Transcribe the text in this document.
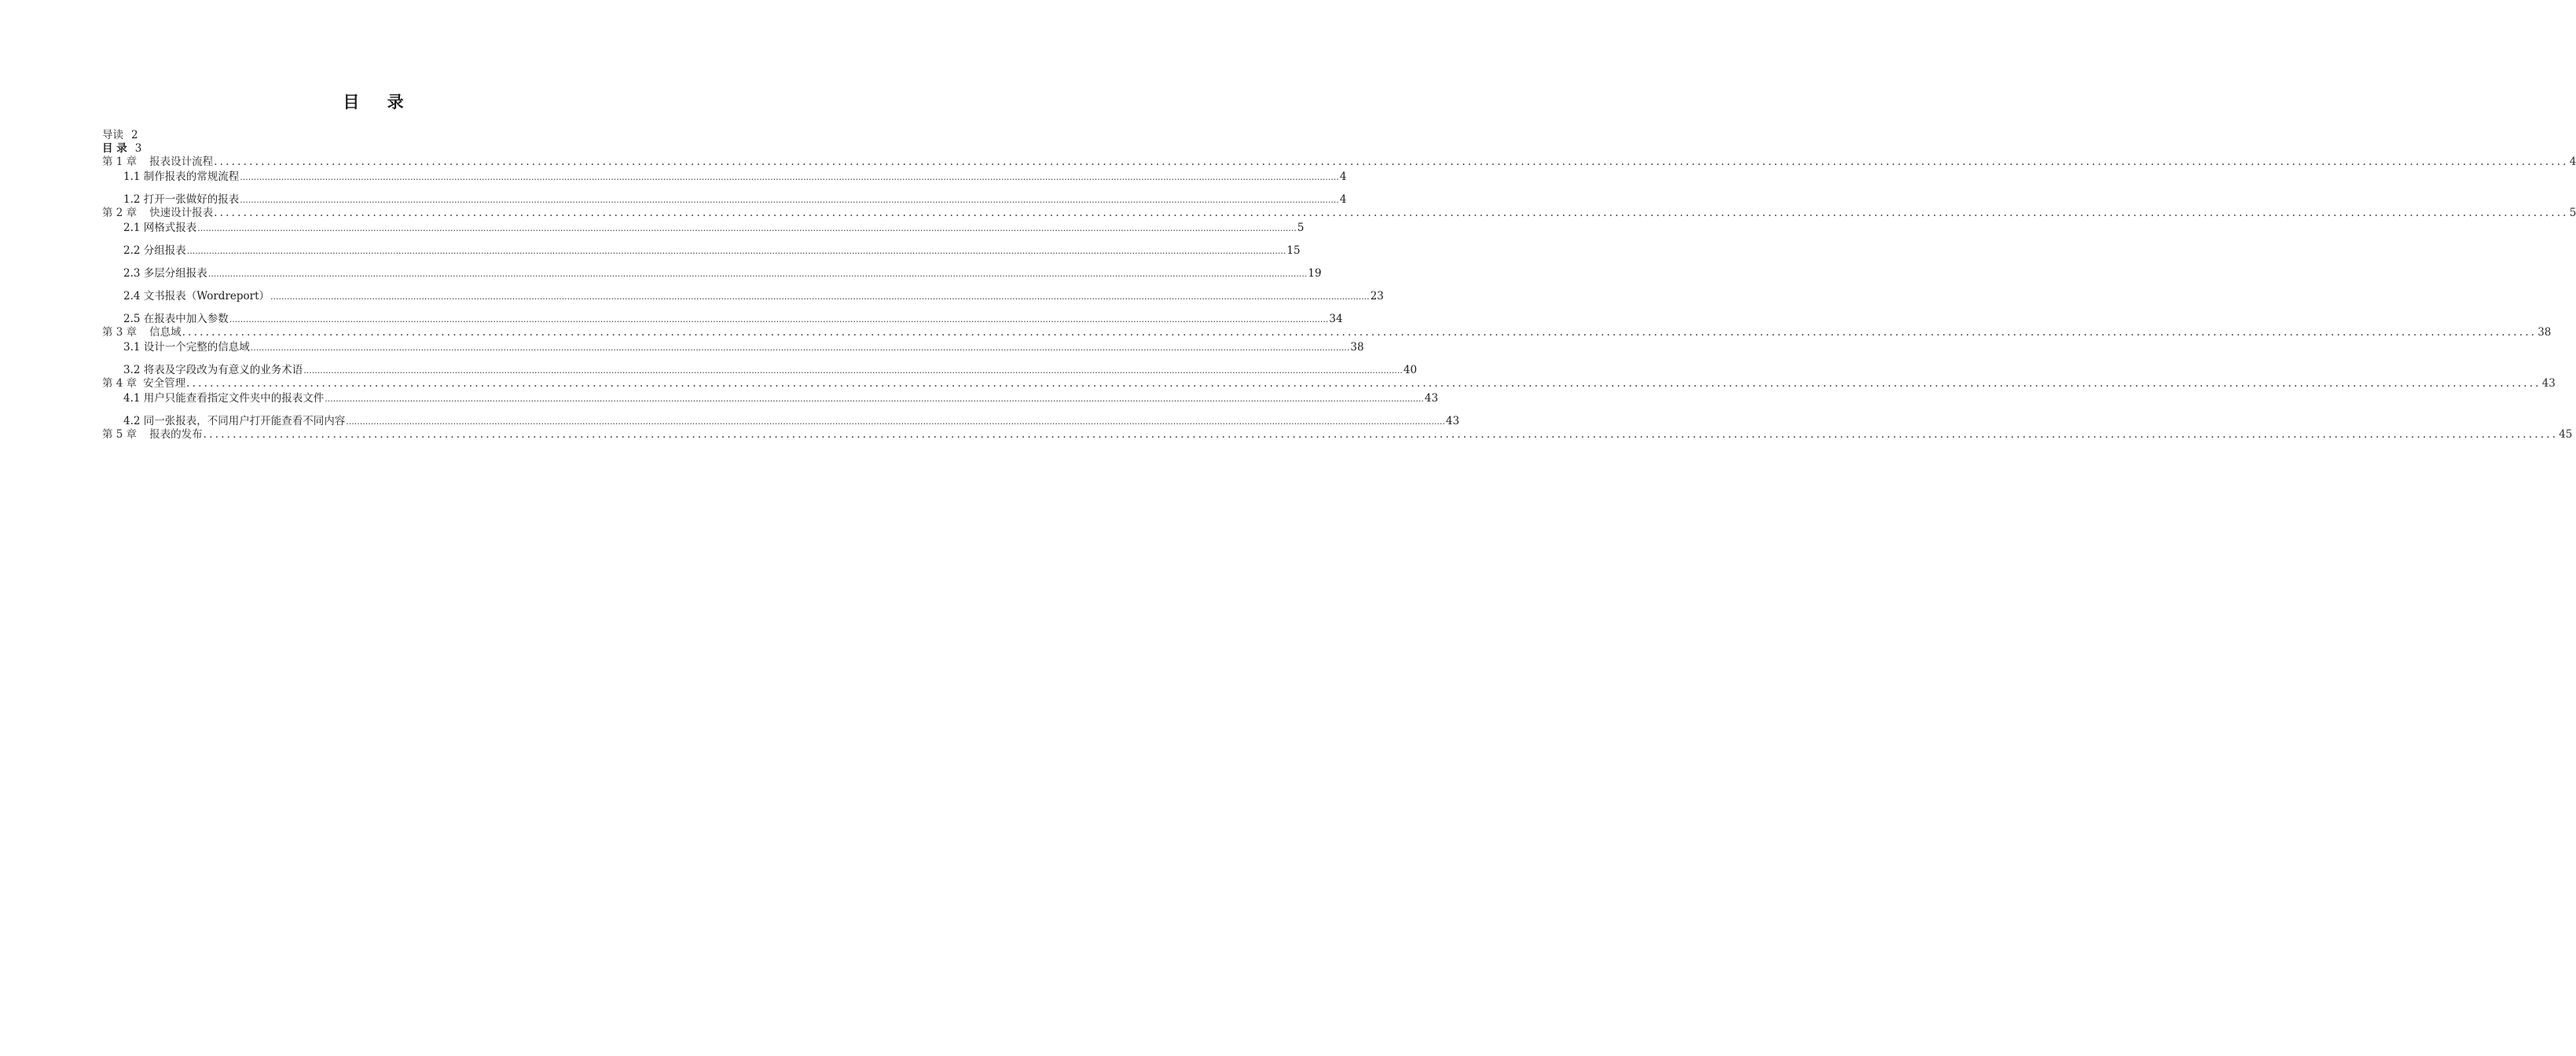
目 录
导读 2
目 录 3
第 1 章 报表设计流程 ................................................................................................................................................................................................................................................................................................................................................................................................................ 4
1.1 制作报表的常规流程 ................................................................................................................................................................................................................................................................................................................................................................................................................ 4
1.2 打开一张做好的报表 ................................................................................................................................................................................................................................................................................................................................................................................................................ 4
第 2 章 快速设计报表 ................................................................................................................................................................................................................................................................................................................................................................................................................ 5
2.1 网格式报表 ................................................................................................................................................................................................................................................................................................................................................................................................................ 5
2.2 分组报表 ................................................................................................................................................................................................................................................................................................................................................................................................................ 15
2.3 多层分组报表 ................................................................................................................................................................................................................................................................................................................................................................................................................ 19
2.4 文书报表（Wordreport） ................................................................................................................................................................................................................................................................................................................................................................................................................ 23
2.5 在报表中加入参数 ................................................................................................................................................................................................................................................................................................................................................................................................................ 34
第 3 章 信息域 ................................................................................................................................................................................................................................................................................................................................................................................................................ 38
3.1 设计一个完整的信息域 ................................................................................................................................................................................................................................................................................................................................................................................................................ 38
3.2 将表及字段改为有意义的业务术语 ................................................................................................................................................................................................................................................................................................................................................................................................................ 40
第 4 章 安全管理 ................................................................................................................................................................................................................................................................................................................................................................................................................ 43
4.1 用户只能查看指定文件夹中的报表文件 ................................................................................................................................................................................................................................................................................................................................................................................................................ 43
4.2 同一张报表，不同用户打开能查看不同内容 ................................................................................................................................................................................................................................................................................................................................................................................................................ 43
第 5 章 报表的发布 ................................................................................................................................................................................................................................................................................................................................................................................................................ 45
